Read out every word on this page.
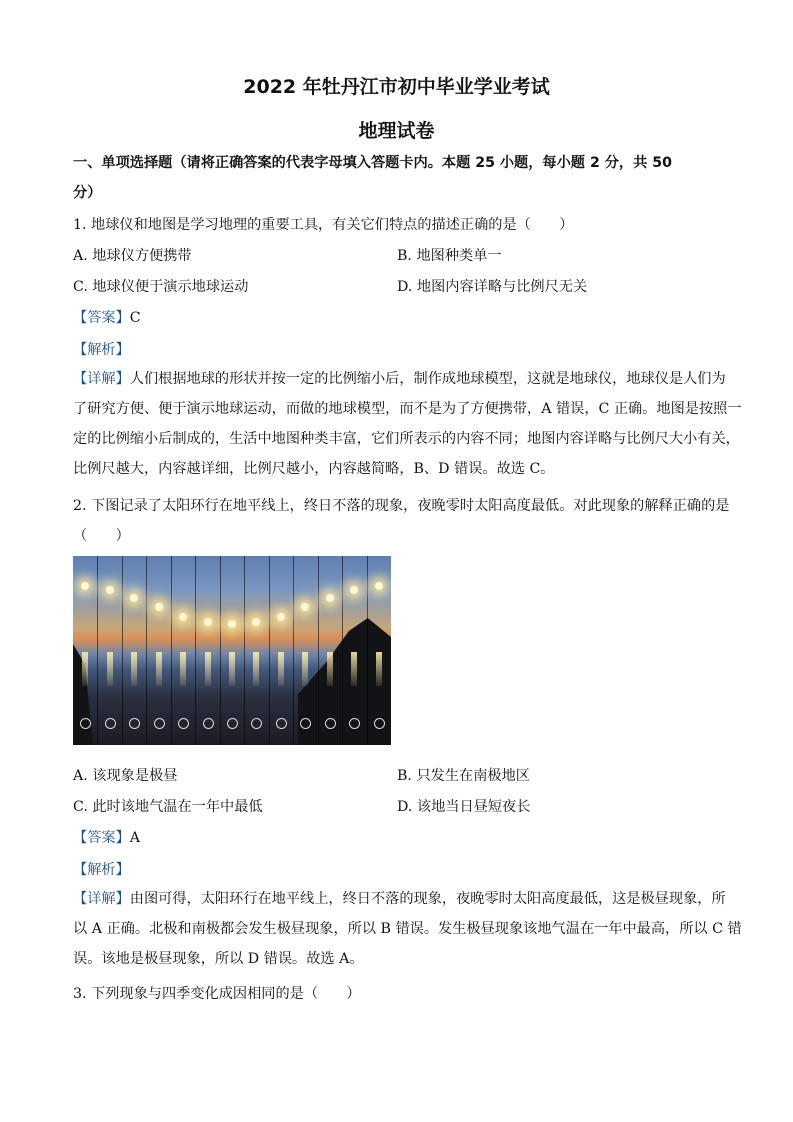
2022 年牡丹江市初中毕业学业考试
地理试卷
一、单项选择题（请将正确答案的代表字母填入答题卡内。本题 25 小题，每小题 2 分，共 50
分）
1. 地球仪和地图是学习地理的重要工具，有关它们特点的描述正确的是（　　）
A. 地球仪方便携带	B. 地图种类单一
C. 地球仪便于演示地球运动	D. 地图内容详略与比例尺无关
【答案】C
【解析】
【详解】人们根据地球的形状并按一定的比例缩小后，制作成地球模型，这就是地球仪，地球仪是人们为
了研究方便、便于演示地球运动，而做的地球模型，而不是为了方便携带，A 错误，C 正确。地图是按照一
定的比例缩小后制成的，生活中地图种类丰富，它们所表示的内容不同；地图内容详略与比例尺大小有关，
比例尺越大，内容越详细，比例尺越小，内容越简略，B、D 错误。故选 C。
2. 下图记录了太阳环行在地平线上，终日不落的现象，夜晚零时太阳高度最低。对此现象的解释正确的是
（　　）
A. 该现象是极昼	B. 只发生在南极地区
C. 此时该地气温在一年中最低	D. 该地当日昼短夜长
【答案】A
【解析】
【详解】由图可得，太阳环行在地平线上，终日不落的现象，夜晚零时太阳高度最低，这是极昼现象，所
以 A 正确。北极和南极都会发生极昼现象，所以 B 错误。发生极昼现象该地气温在一年中最高，所以 C 错
误。该地是极昼现象，所以 D 错误。故选 A。
3. 下列现象与四季变化成因相同的是（　　）
